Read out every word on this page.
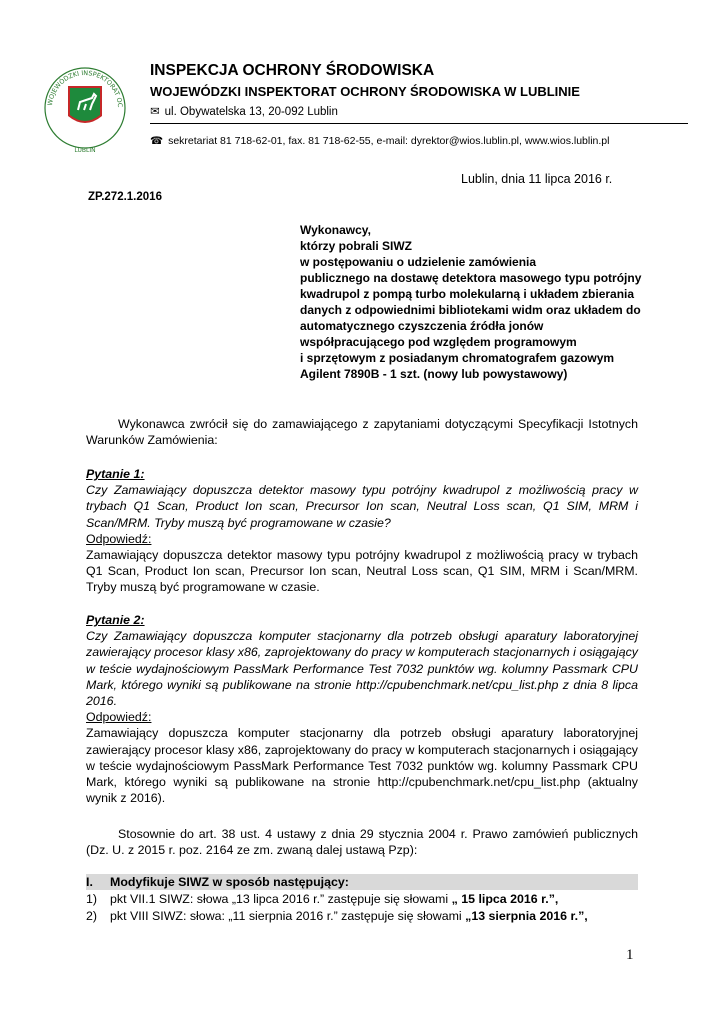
WOJEWÓDZKI INSPEKTORAT OC
LUBLIN
INSPEKCJA OCHRONY ŚRODOWISKA
WOJEWÓDZKI INSPEKTORAT OCHRONY ŚRODOWISKA W LUBLINIE
✉ ul. Obywatelska 13, 20-092 Lublin
☎ sekretariat 81 718-62-01, fax. 81 718-62-55, e-mail: dyrektor@wios.lublin.pl, www.wios.lublin.pl
Lublin, dnia 11 lipca 2016 r.
ZP.272.1.2016
Wykonawcy,
którzy pobrali SIWZ
w postępowaniu o udzielenie zamówienia
publicznego na dostawę detektora masowego typu potrójny
kwadrupol z pompą turbo molekularną i układem zbierania
danych z odpowiednimi bibliotekami widm oraz układem do
automatycznego czyszczenia źródła jonów
współpracującego pod względem programowym
i sprzętowym z posiadanym chromatografem gazowym
Agilent 7890B - 1 szt. (nowy lub powystawowy)
Wykonawca zwrócił się do zamawiającego z zapytaniami dotyczącymi Specyfikacji Istotnych Warunków Zamówienia:
Pytanie 1:
Czy Zamawiający dopuszcza detektor masowy typu potrójny kwadrupol z możliwością pracy w trybach Q1 Scan, Product Ion scan, Precursor Ion scan, Neutral Loss scan, Q1 SIM, MRM i Scan/MRM. Tryby muszą być programowane w czasie?
Odpowiedź:
Zamawiający dopuszcza detektor masowy typu potrójny kwadrupol z możliwością pracy w trybach Q1 Scan, Product Ion scan, Precursor Ion scan, Neutral Loss scan, Q1 SIM, MRM i Scan/MRM. Tryby muszą być programowane w czasie.
Pytanie 2:
Czy Zamawiający dopuszcza komputer stacjonarny dla potrzeb obsługi aparatury laboratoryjnej zawierający procesor klasy x86, zaprojektowany do pracy w komputerach stacjonarnych i osiągający w teście wydajnościowym PassMark Performance Test 7032 punktów wg. kolumny Passmark CPU Mark, którego wyniki są publikowane na stronie http://cpubenchmark.net/cpu_list.php z dnia 8 lipca 2016.
Odpowiedź:
Zamawiający dopuszcza komputer stacjonarny dla potrzeb obsługi aparatury laboratoryjnej zawierający procesor klasy x86, zaprojektowany do pracy w komputerach stacjonarnych i osiągający w teście wydajnościowym PassMark Performance Test 7032 punktów wg. kolumny Passmark CPU Mark, którego wyniki są publikowane na stronie http://cpubenchmark.net/cpu_list.php (aktualny wynik z 2016).
Stosownie do art. 38 ust. 4 ustawy z dnia 29 stycznia 2004 r. Prawo zamówień publicznych (Dz. U. z 2015 r. poz. 2164 ze zm. zwaną dalej ustawą Pzp):
I. Modyfikuje SIWZ w sposób następujący:
1) pkt VII.1 SIWZ: słowa „13 lipca 2016 r.” zastępuje się słowami „ 15 lipca 2016 r.”,
2) pkt VIII SIWZ: słowa: „11 sierpnia 2016 r.” zastępuje się słowami „13 sierpnia 2016 r.”,
1
